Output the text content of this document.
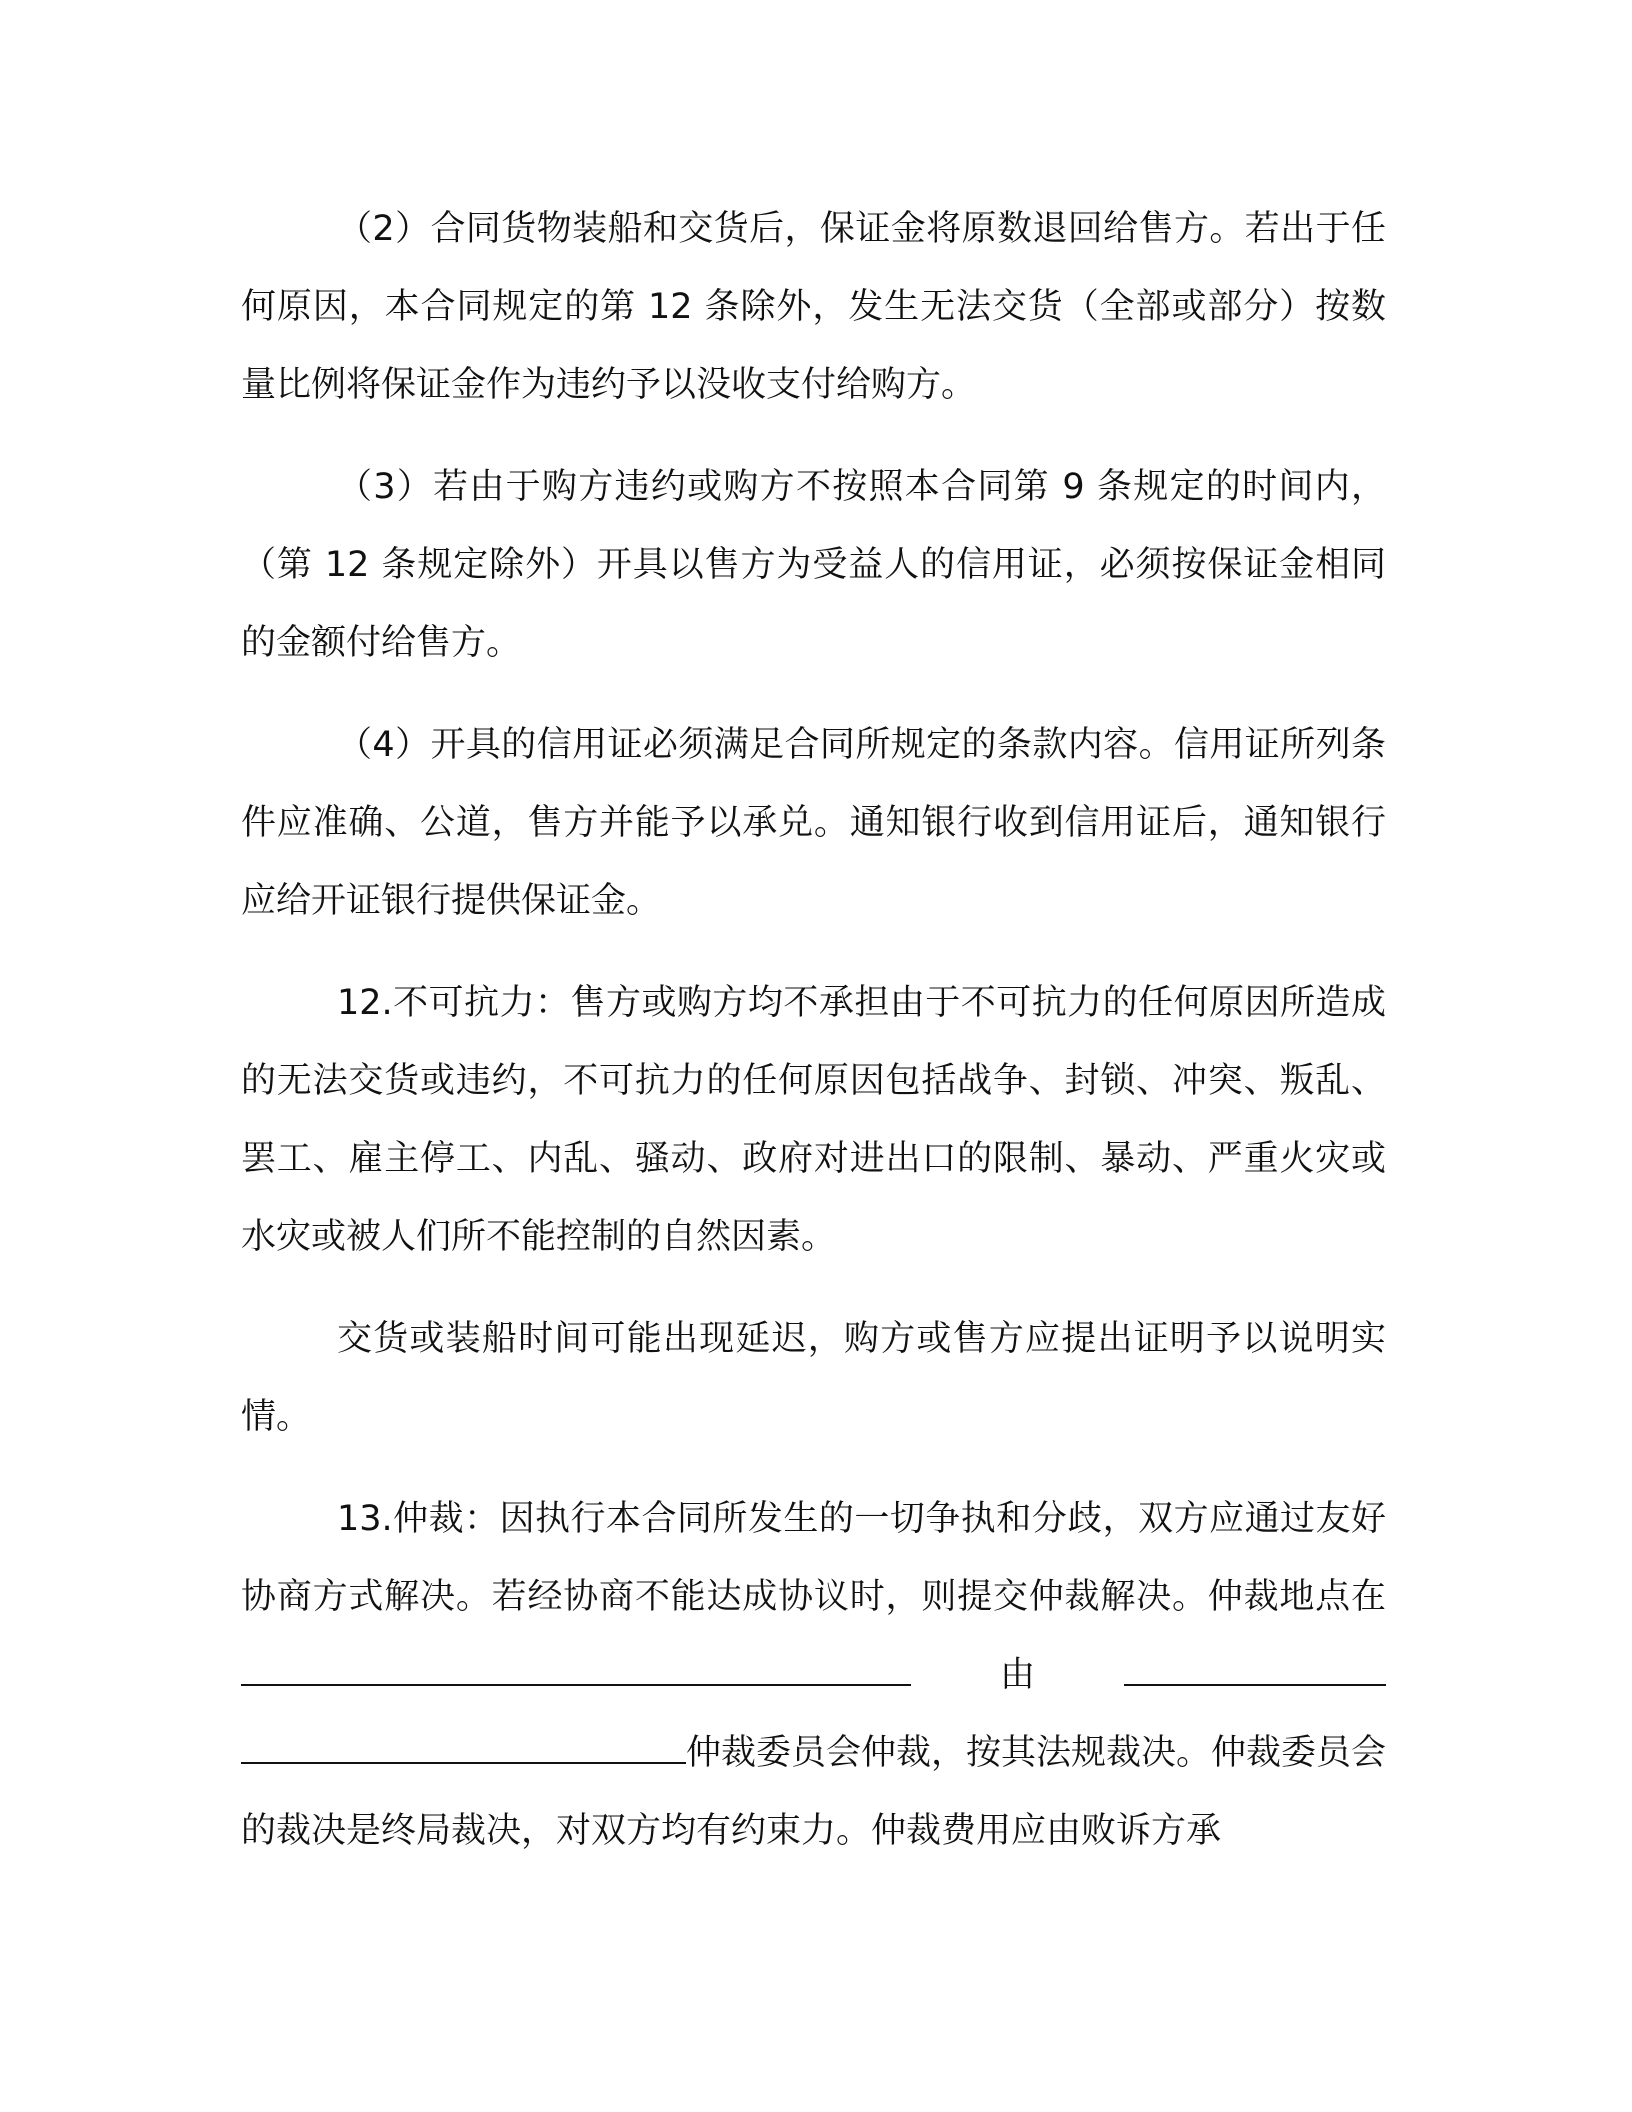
（2）合同货物装船和交货后，保证金将原数退回给售方。若出于任何原因，本合同规定的第 12 条除外，发生无法交货（全部或部分）按数量比例将保证金作为违约予以没收支付给购方。

（3）若由于购方违约或购方不按照本合同第 9 条规定的时间内，（第 12 条规定除外）开具以售方为受益人的信用证，必须按保证金相同的金额付给售方。

（4）开具的信用证必须满足合同所规定的条款内容。信用证所列条件应准确、公道，售方并能予以承兑。通知银行收到信用证后，通知银行应给开证银行提供保证金。

12.不可抗力：售方或购方均不承担由于不可抗力的任何原因所造成的无法交货或违约，不可抗力的任何原因包括战争、封锁、冲突、叛乱、罢工、雇主停工、内乱、骚动、政府对进出口的限制、暴动、严重火灾或水灾或被人们所不能控制的自然因素。

交货或装船时间可能出现延迟，购方或售方应提出证明予以说明实情。

13.仲裁：因执行本合同所发生的一切争执和分歧，双方应通过友好协商方式解决。若经协商不能达成协议时，则提交仲裁解决。仲裁地点在由仲裁委员会仲裁，按其法规裁决。仲裁委员会的裁决是终局裁决，对双方均有约束力。仲裁费用应由败诉方承
